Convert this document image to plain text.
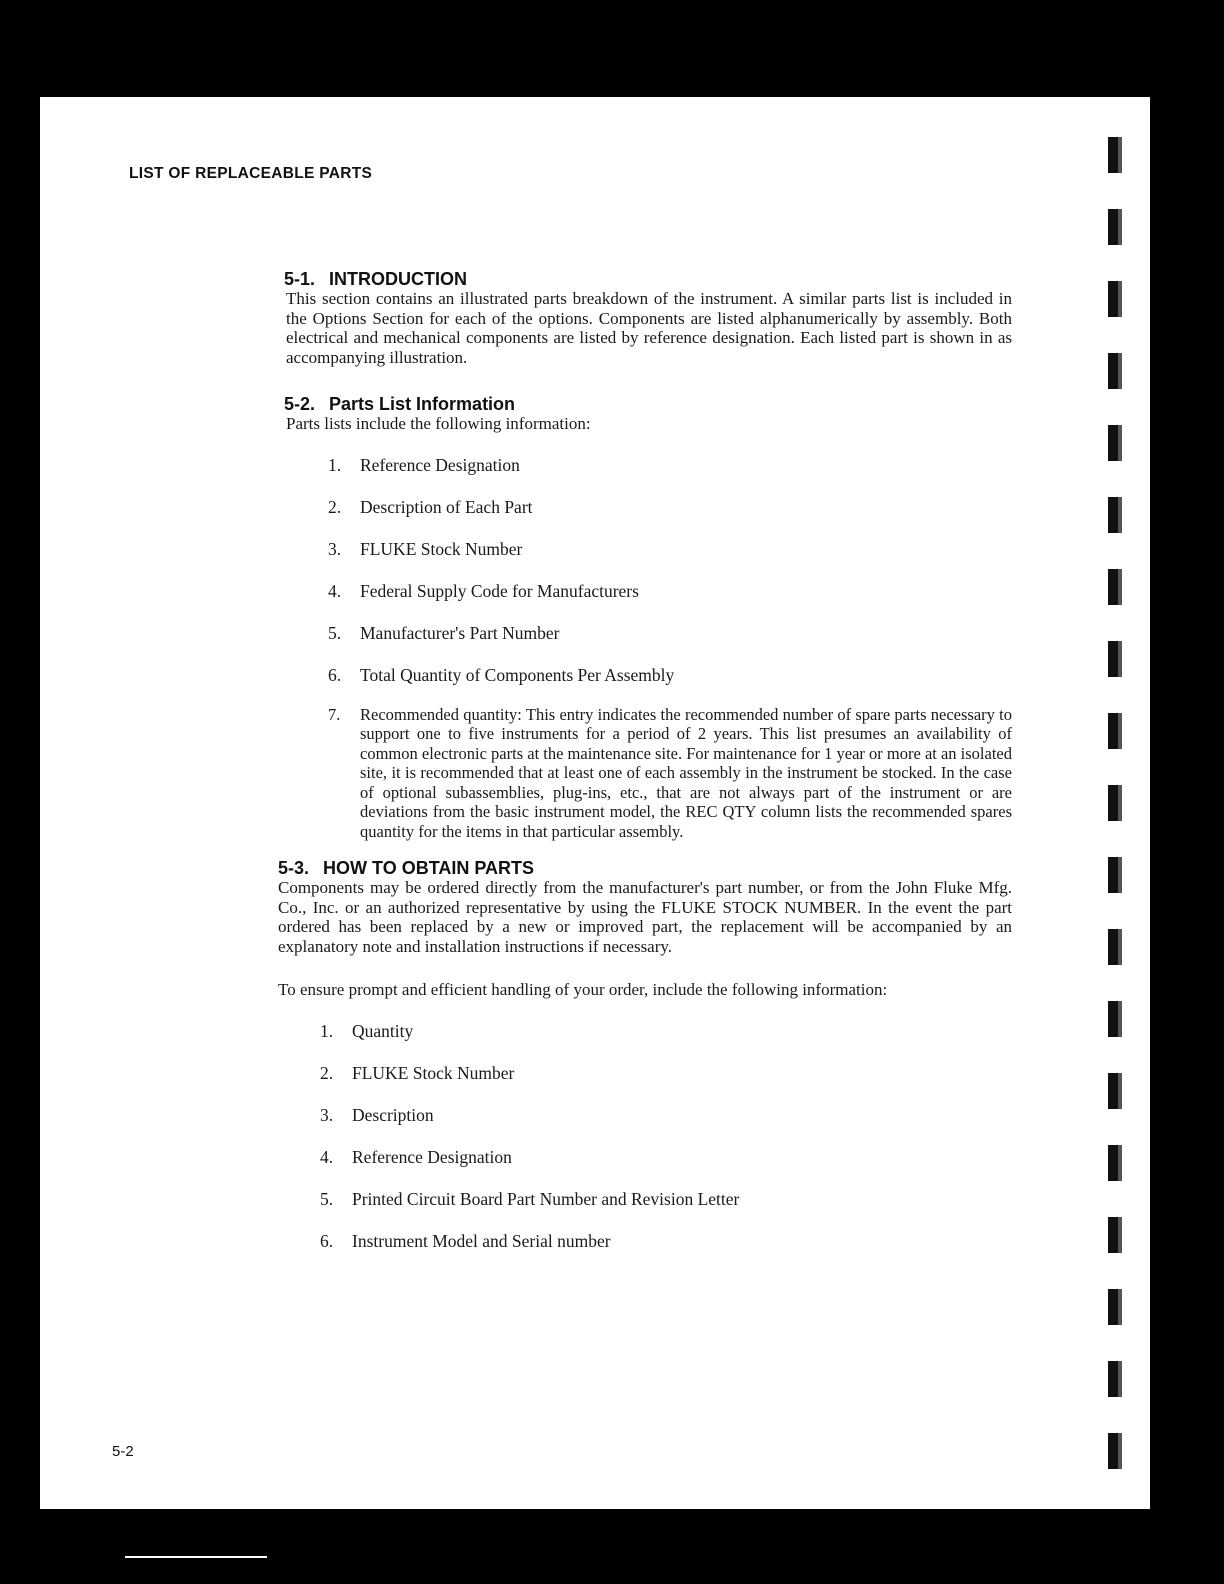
LIST OF REPLACEABLE PARTS
5-1. INTRODUCTION

This section contains an illustrated parts breakdown of the instrument. A similar parts list is included in the Options Section for each of the options. Components are listed alphanumerically by assembly. Both electrical and mechanical components are listed by reference designation. Each listed part is shown in as accompanying illustration.

5-2. Parts List Information

Parts lists include the following information:

1. Reference Designation
2. Description of Each Part
3. FLUKE Stock Number
4. Federal Supply Code for Manufacturers
5. Manufacturer's Part Number
6. Total Quantity of Components Per Assembly
7. Recommended quantity: This entry indicates the recommended number of spare parts necessary to support one to five instruments for a period of 2 years. This list presumes an availability of common electronic parts at the maintenance site. For maintenance for 1 year or more at an isolated site, it is recommended that at least one of each assembly in the instrument be stocked. In the case of optional subassemblies, plug-ins, etc., that are not always part of the instrument or are deviations from the basic instrument model, the REC QTY column lists the recommended spares quantity for the items in that particular assembly.
5-3. HOW TO OBTAIN PARTS

Components may be ordered directly from the manufacturer's part number, or from the John Fluke Mfg. Co., Inc. or an authorized representative by using the FLUKE STOCK NUMBER. In the event the part ordered has been replaced by a new or improved part, the replacement will be accompanied by an explanatory note and installation instructions if necessary.

To ensure prompt and efficient handling of your order, include the following information:

1. Quantity
2. FLUKE Stock Number
3. Description
4. Reference Designation
5. Printed Circuit Board Part Number and Revision Letter
6. Instrument Model and Serial number
5-2
